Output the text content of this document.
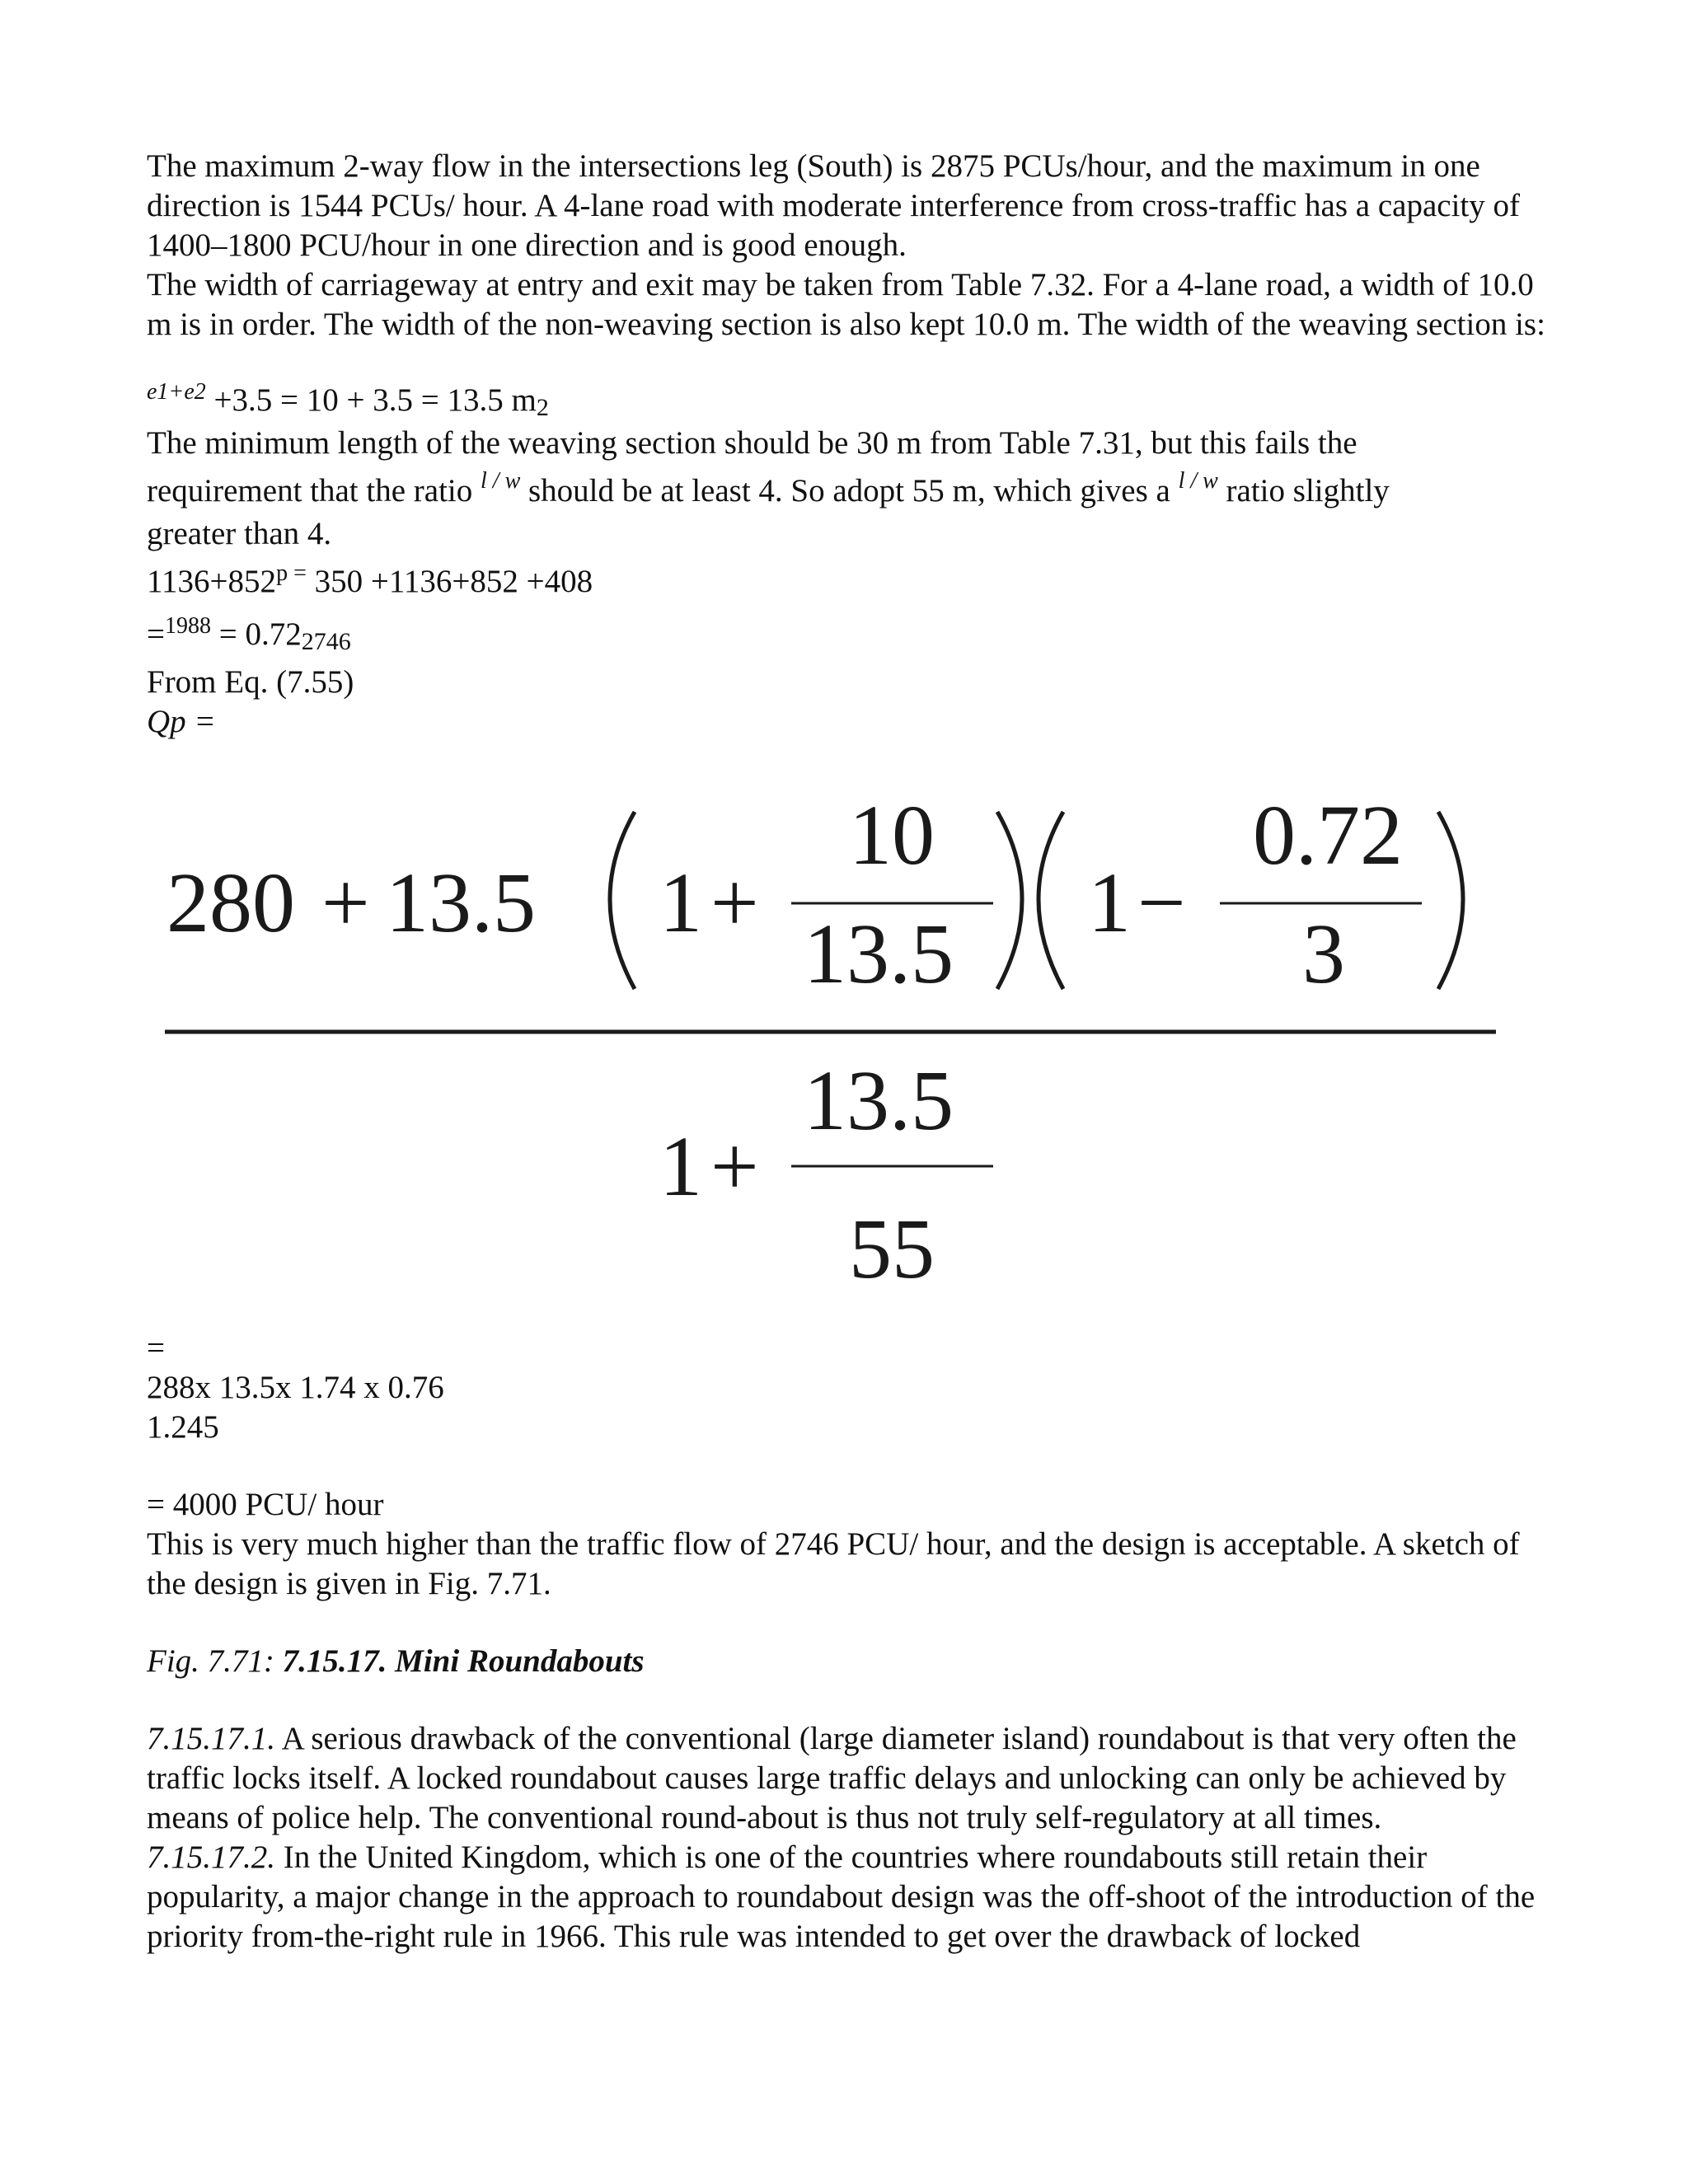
The maximum 2-way flow in the intersections leg (South) is 2875 PCUs/hour, and the maximum in one direction is 1544 PCUs/ hour. A 4-lane road with moderate interference from cross-traffic has a capacity of 1400–1800 PCU/hour in one direction and is good enough.

The width of carriageway at entry and exit may be taken from Table 7.32. For a 4-lane road, a width of 10.0 m is in order. The width of the non-weaving section is also kept 10.0 m. The width of the weaving section is:

$^{e1+e2}$ +3.5 = 10 + 3.5 = 13.5 m2

The minimum length of the weaving section should be 30 m from Table 7.31, but this fails the

requirement that the ratio $^{l / w}$ should be at least 4. So adopt 55 m, which gives a $^{l / w}$ ratio slightly

greater than 4.

$1136+852^{p =}$ 350 +1136+852 +408

=$^{1988}$ = 0.722746

From Eq. (7.55)

Qp =

280 + 13.5 1 +
10
13.5
1 −
0.72
3
1 +
13.5
55

=

288x 13.5x 1.74 x 0.76

1.245

= 4000 PCU/ hour

This is very much higher than the traffic flow of 2746 PCU/ hour, and the design is acceptable. A sketch of the design is given in Fig. 7.71.

Fig. 7.71: 7.15.17. Mini Roundabouts

7.15.17.1. A serious drawback of the conventional (large diameter island) roundabout is that very often the traffic locks itself. A locked roundabout causes large traffic delays and unlocking can only be achieved by means of police help. The conventional round-about is thus not truly self-regulatory at all times.

7.15.17.2. In the United Kingdom, which is one of the countries where roundabouts still retain their popularity, a major change in the approach to roundabout design was the off-shoot of the introduction of the priority from-the-right rule in 1966. This rule was intended to get over the drawback of locked
